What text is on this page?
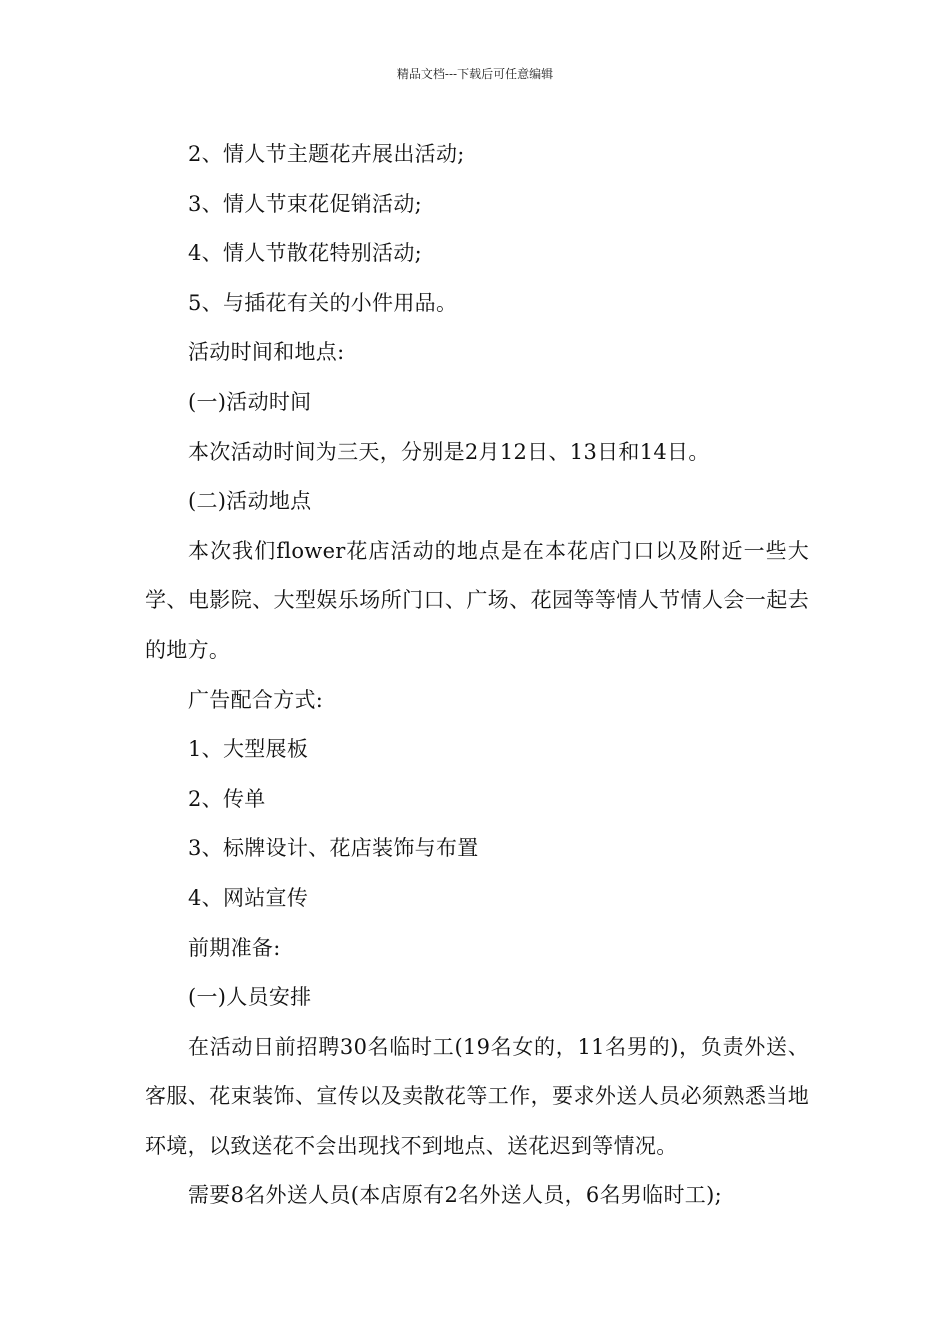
精品文档---下载后可任意编辑

2、情人节主题花卉展出活动;

3、情人节束花促销活动;

4、情人节散花特别活动;

5、与插花有关的小件用品。

活动时间和地点:

(一)活动时间

本次活动时间为三天，分别是2月12日、13日和14日。

(二)活动地点

本次我们flower花店活动的地点是在本花店门口以及附近一些大学、电影院、大型娱乐场所门口、广场、花园等等情人节情人会一起去的地方。

广告配合方式:

1、大型展板

2、传单

3、标牌设计、花店装饰与布置

4、网站宣传

前期准备:

(一)人员安排

在活动日前招聘30名临时工(19名女的，11名男的)，负责外送、客服、花束装饰、宣传以及卖散花等工作，要求外送人员必须熟悉当地环境，以致送花不会出现找不到地点、送花迟到等情况。

需要8名外送人员(本店原有2名外送人员，6名男临时工);
